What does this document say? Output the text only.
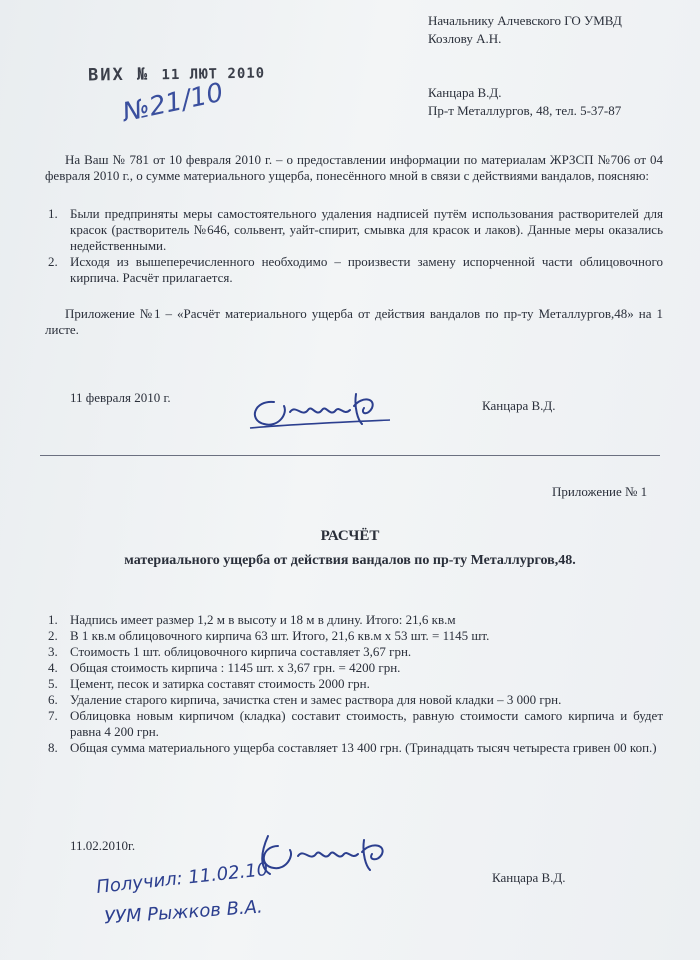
Начальнику Алчевского ГО УМВД
Козлову А.Н.
ВИХ № 11 ЛЮТ 2010
№21/10	Канцара В.Д.
Пр-т Металлургов, 48, тел. 5-37-87
На Ваш № 781 от 10 февраля 2010 г. – о предоставлении информации по материалам ЖРЗСП №706 от 04 февраля 2010 г., о сумме материального ущерба, понесённого мной в связи с действиями вандалов, поясняю:
1. Были предприняты меры самостоятельного удаления надписей путём использования растворителей для красок (растворитель №646, сольвент, уайт-спирит, смывка для красок и лаков). Данные меры оказались недейственными.
2. Исходя из вышеперечисленного необходимо – произвести замену испорченной части облицовочного кирпича. Расчёт прилагается.
Приложение №1 – «Расчёт материального ущерба от действия вандалов по пр-ту Металлургов,48» на 1 листе.
11 февраля 2010 г.
Канцара В.Д.
Приложение № 1
РАСЧЁТ
материального ущерба от действия вандалов по пр-ту Металлургов,48.
1. Надпись имеет размер 1,2 м в высоту и 18 м в длину. Итого: 21,6 кв.м
2. В 1 кв.м облицовочного кирпича 63 шт. Итого, 21,6 кв.м х 53 шт. = 1145 шт.
3. Стоимость 1 шт. облицовочного кирпича составляет 3,67 грн.
4. Общая стоимость кирпича : 1145 шт. х 3,67 грн. = 4200 грн.
5. Цемент, песок и затирка составят стоимость 2000 грн.
6. Удаление старого кирпича, зачистка стен и замес раствора для новой кладки – 3 000 грн.
7. Облицовка новым кирпичом (кладка) составит стоимость, равную стоимости самого кирпича и будет равна 4 200 грн.
8. Общая сумма материального ущерба составляет 13 400 грн. (Тринадцать тысяч четыреста гривен 00 коп.)
11.02.2010г.
Канцара В.Д.
Получил: 11.02.10
УУМ Рыжков В.А.
